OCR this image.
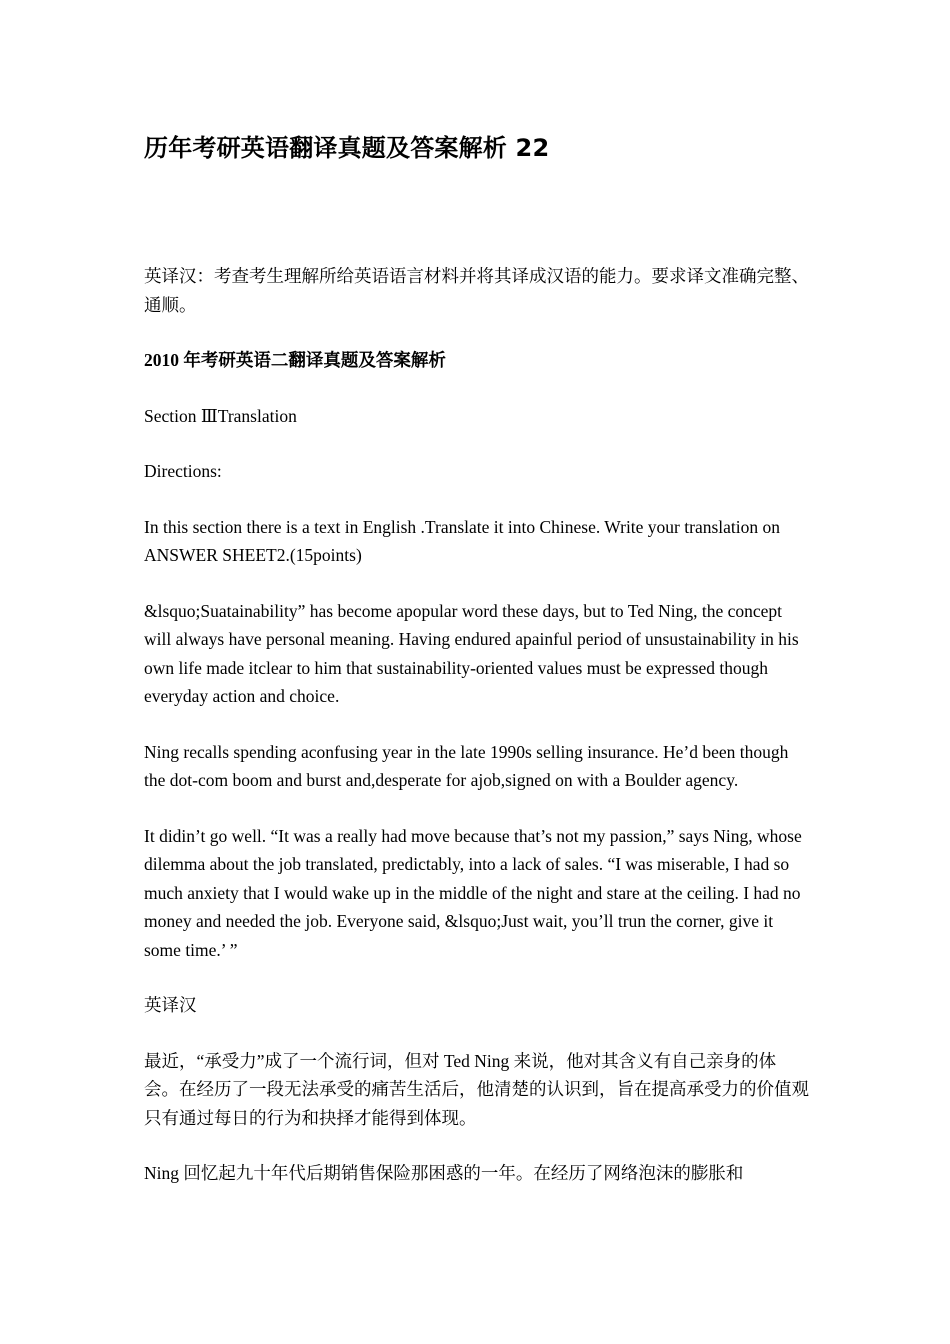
历年考研英语翻译真题及答案解析 22
英译汉：考查考生理解所给英语语言材料并将其译成汉语的能力。要求译文准确完整、通顺。
2010 年考研英语二翻译真题及答案解析
Section ⅢTranslation
Directions:
In this section there is a text in English .Translate it into Chinese. Write your translation on ANSWER SHEET2.(15points)
&lsquo;Suatainability” has become apopular word these days, but to Ted Ning, the concept will always have personal meaning. Having endured apainful period of unsustainability in his own life made itclear to him that sustainability-oriented values must be expressed though everyday action and choice.
Ning recalls spending aconfusing year in the late 1990s selling insurance. He’d been though the dot-com boom and burst and,desperate for ajob,signed on with a Boulder agency.
It didin’t go well. “It was a really had move because that’s not my passion,” says Ning, whose dilemma about the job translated, predictably, into a lack of sales. “I was miserable, I had so much anxiety that I would wake up in the middle of the night and stare at the ceiling. I had no money and needed the job. Everyone said, &lsquo;Just wait, you’ll trun the corner, give it some time.’ ”
英译汉
最近，“承受力”成了一个流行词，但对 Ted Ning 来说，他对其含义有自己亲身的体会。在经历了一段无法承受的痛苦生活后，他清楚的认识到，旨在提高承受力的价值观只有通过每日的行为和抉择才能得到体现。
Ning 回忆起九十年代后期销售保险那困惑的一年。在经历了网络泡沫的膨胀和
